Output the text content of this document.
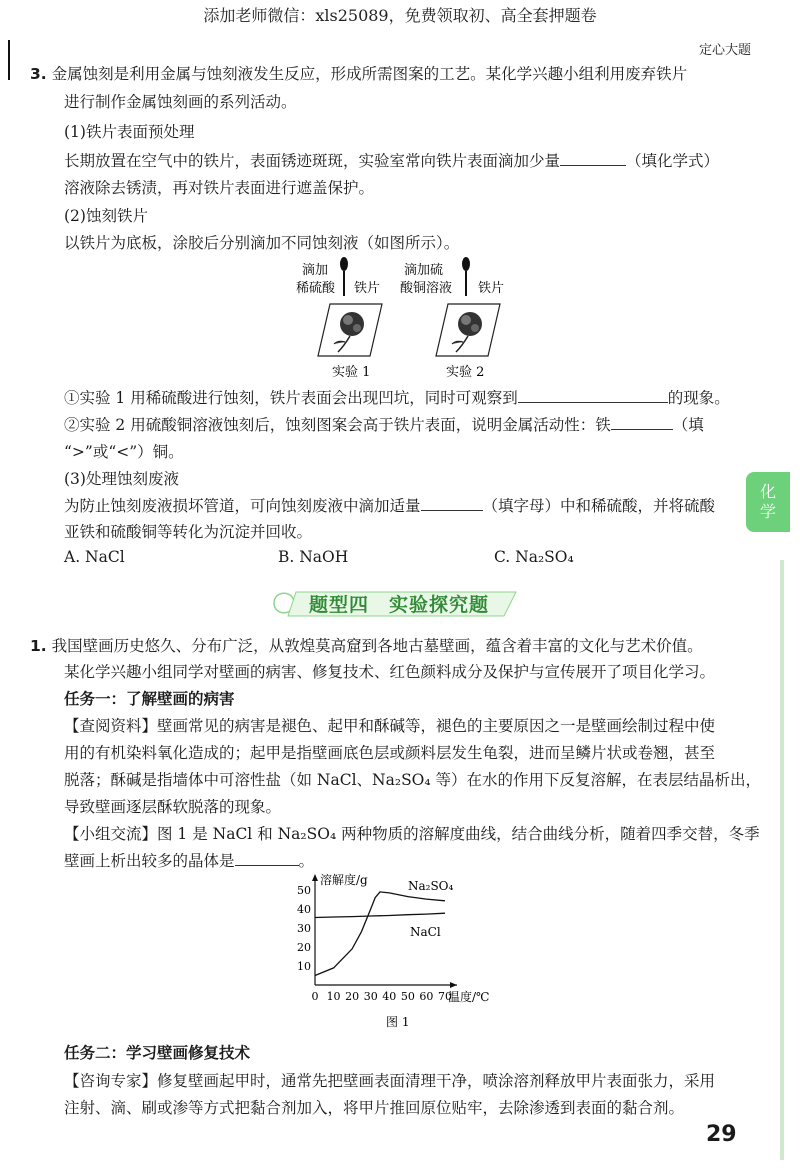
添加老师微信：xls25089，免费领取初、高全套押题卷
定心大题
3. 金属蚀刻是利用金属与蚀刻液发生反应，形成所需图案的工艺。某化学兴趣小组利用废弃铁片
进行制作金属蚀刻画的系列活动。
(1)铁片表面预处理
长期放置在空气中的铁片，表面锈迹斑斑，实验室常向铁片表面滴加少量	（填化学式）
溶液除去锈渍，再对铁片表面进行遮盖保护。
(2)蚀刻铁片
以铁片为底板，涂胶后分别滴加不同蚀刻液（如图所示）。
滴加
稀硫酸 铁片
实验 1
滴加硫
酸铜溶液 铁片
实验 2
①实验 1 用稀硫酸进行蚀刻，铁片表面会出现凹坑，同时可观察到	的现象。
②实验 2 用硫酸铜溶液蚀刻后，蚀刻图案会高于铁片表面，说明金属活动性：铁	（填
“>”或“<”）铜。
(3)处理蚀刻废液
为防止蚀刻废液损坏管道，可向蚀刻废液中滴加适量	（填字母）中和稀硫酸，并将硫酸
亚铁和硫酸铜等转化为沉淀并回收。
A. NaCl	B. NaOH	C. Na₂SO₄
化
学
题型四　实验探究题
1. 我国壁画历史悠久、分布广泛，从敦煌莫高窟到各地古墓壁画，蕴含着丰富的文化与艺术价值。
某化学兴趣小组同学对壁画的病害、修复技术、红色颜料成分及保护与宣传展开了项目化学习。
任务一：了解壁画的病害
【查阅资料】壁画常见的病害是褪色、起甲和酥碱等，褪色的主要原因之一是壁画绘制过程中使
用的有机染料氧化造成的；起甲是指壁画底色层或颜料层发生龟裂，进而呈鳞片状或卷翘，甚至
脱落；酥碱是指墙体中可溶性盐（如 NaCl、Na₂SO₄ 等）在水的作用下反复溶解，在表层结晶析出，
导致壁画逐层酥软脱落的现象。
【小组交流】图 1 是 NaCl 和 Na₂SO₄ 两种物质的溶解度曲线，结合曲线分析，随着四季交替，冬季
壁画上析出较多的晶体是	。
0 10 20 30 40 50 60 70
10
20
30
40
50	Na₂SO₄
NaCl
溶解度/g
温度/℃
图 1
任务二：学习壁画修复技术
【咨询专家】修复壁画起甲时，通常先把壁画表面清理干净，喷涂溶剂释放甲片表面张力，采用
注射、滴、刷或渗等方式把黏合剂加入，将甲片推回原位贴牢，去除渗透到表面的黏合剂。
29
